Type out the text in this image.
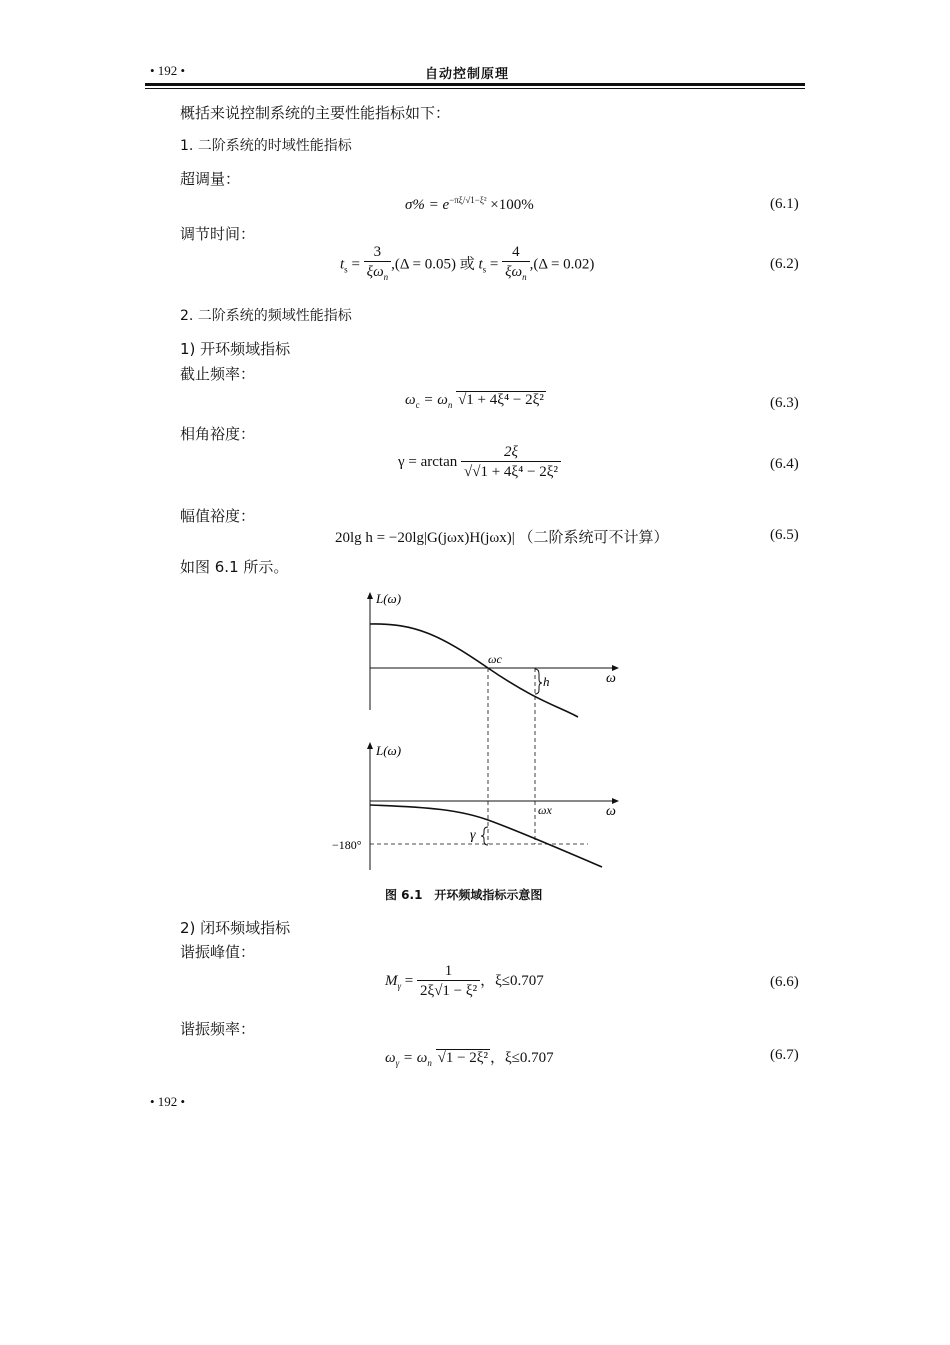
• 192 •	自动控制原理
概括来说控制系统的主要性能指标如下：
1. 二阶系统的时域性能指标
超调量：
$\sigma\% = e^{-\pi\xi/√1-\xi^2} \times 100\%$	(6.1)
调节时间：
$t_s = \frac{3}{\xi\omega_n} ,(\Delta = 0.05)$ 或 $t_s = \frac{4}{\xi\omega_n} ,(\Delta = 0.02)$	(6.2)
2. 二阶系统的频域性能指标
1) 开环频域指标
截止频率：
$\omega_c = \omega_n$ √1 + 4ξ⁴ − 2ξ²	(6.3)
相角裕度：
$\gamma = \arctan \frac{2\xi}{\text{√√1 + 4ξ⁴ − 2ξ²}}$	(6.4)
幅值裕度：
20lg h = −20lg|G(jωx)H(jωx)| （二阶系统可不计算）	(6.5)
如图 6.1 所示。
L(ω)
ω
ωc
h
L(ω)
ω
ωx
−180°
γ
图 6.1　开环频域指标示意图
2) 闭环频域指标
谐振峰值：
$M_\gamma = \frac{1}{\text{2ξ√1 − ξ²}}$ ，ξ≤0.707	(6.6)
谐振频率：
$\omega_\gamma = \omega_n$ √1 − 2ξ² ，ξ≤0.707	(6.7)
• 192 •
